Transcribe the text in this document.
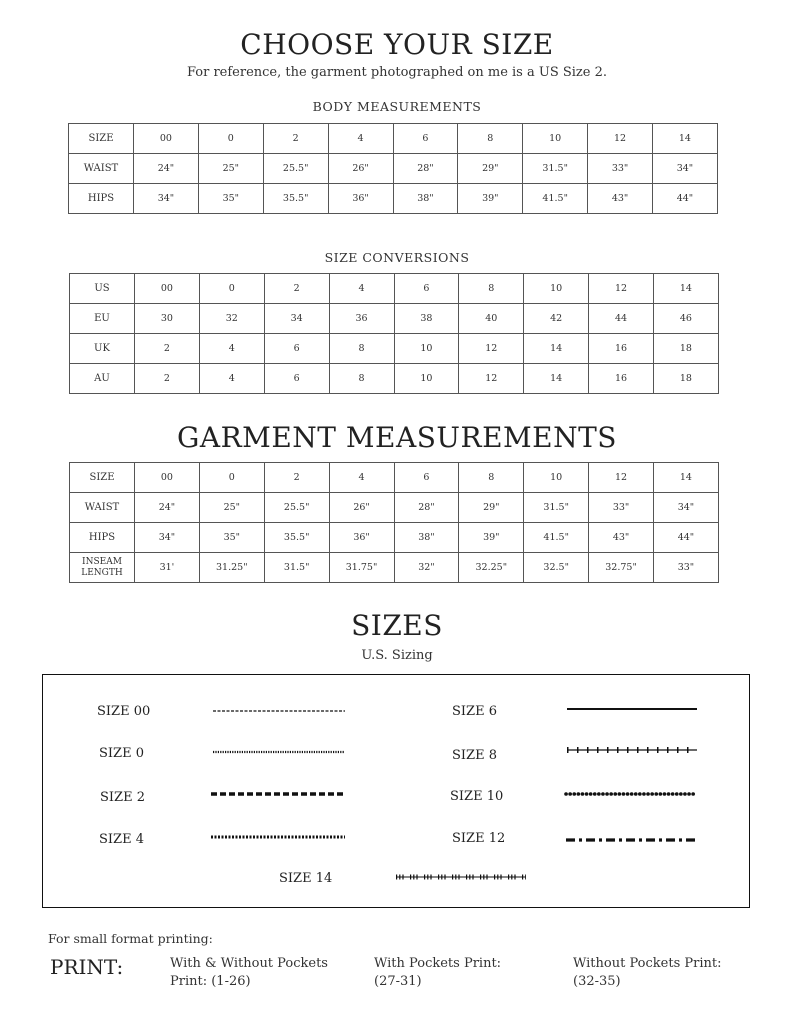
CHOOSE YOUR SIZE
For reference, the garment photographed on me is a US Size 2.
BODY MEASUREMENTS
SIZE	00	0	2	4	6	8	10	12	14
WAIST	24"	25"	25.5"	26"	28"	29"	31.5"	33"	34"
HIPS	34"	35"	35.5"	36"	38"	39"	41.5"	43"	44"
SIZE CONVERSIONS
US	00	0	2	4	6	8	10	12	14
EU	30	32	34	36	38	40	42	44	46
UK	2	4	6	8	10	12	14	16	18
AU	2	4	6	8	10	12	14	16	18
GARMENT MEASUREMENTS
SIZE	00	0	2	4	6	8	10	12	14
WAIST	24"	25"	25.5"	26"	28"	29"	31.5"	33"	34"
HIPS	34"	35"	35.5"	36"	38"	39"	41.5"	43"	44"
INSEAM LENGTH	31'	31.25"	31.5"	31.75"	32"	32.25"	32.5"	32.75"	33"
SIZES
U.S. Sizing
SIZE 00
SIZE 0
SIZE 2
SIZE 4
SIZE 6
SIZE 8
SIZE 10
SIZE 12
SIZE 14
For small format printing:
PRINT:	With & Without Pockets
Print: (1-26)
With Pockets Print:
(27-31)
Without Pockets Print:
(32-35)
